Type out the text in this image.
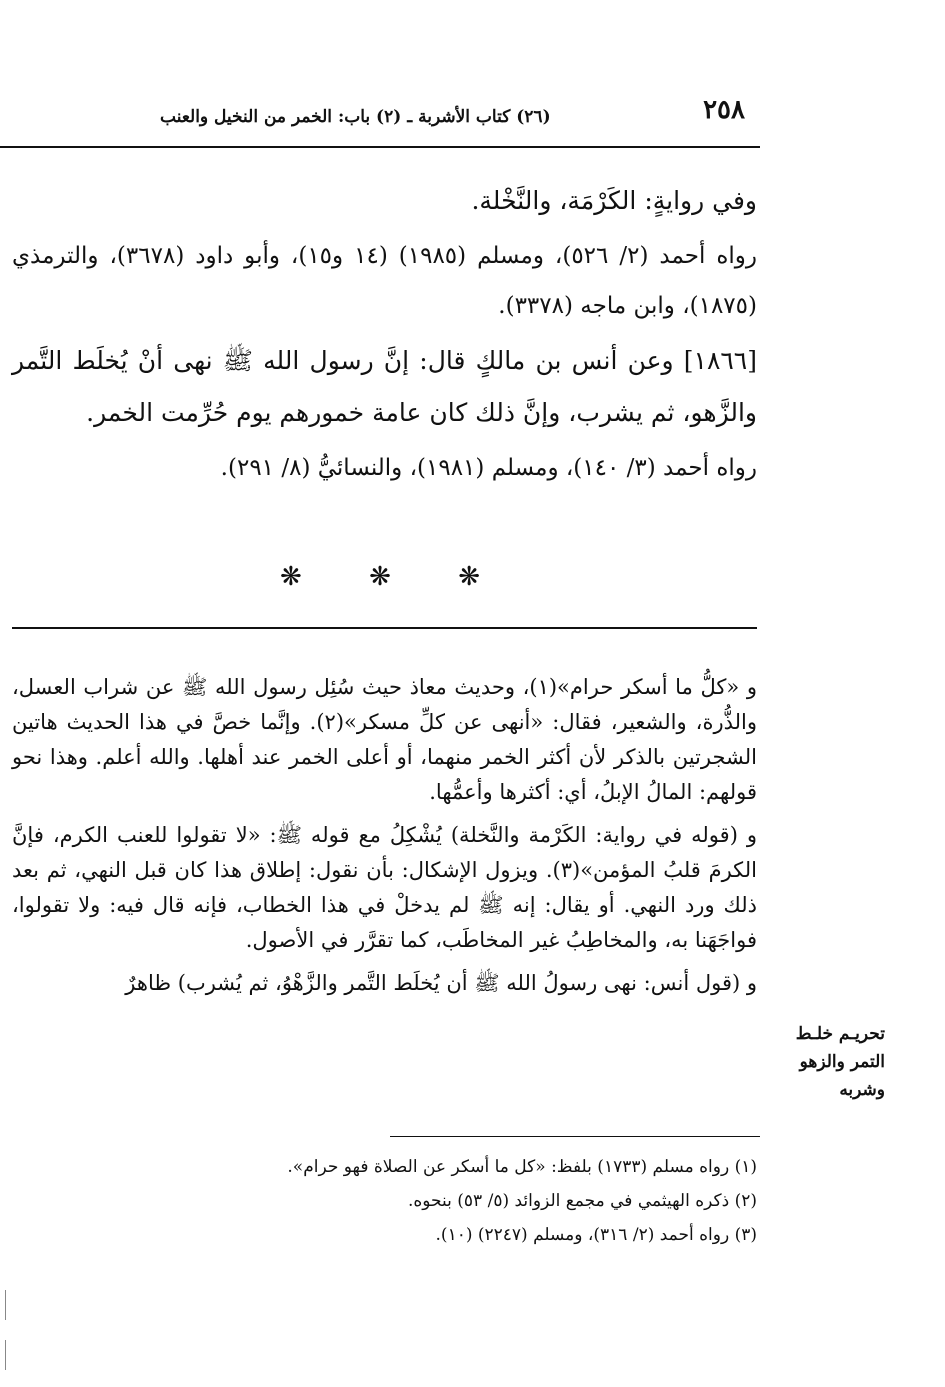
٢٥٨
(٢٦) كتاب الأشربة ـ (٢) باب: الخمر من النخيل والعنب

وفي روايةٍ: الكَرْمَة، والنَّخْلة.

رواه أحمد (٢/ ٥٢٦)، ومسلم (١٩٨٥) (١٤ و١٥)، وأبو داود (٣٦٧٨)، والترمذي (١٨٧٥)، وابن ماجه (٣٣٧٨).

[١٨٦٦] وعن أنس بن مالكٍ قال: إنَّ رسول الله ﷺ نهى أنْ يُخلَط التَّمر والزَّهو، ثم يشرب، وإنَّ ذلك كان عامة خمورهم يوم حُرِّمت الخمر.

رواه أحمد (٣/ ١٤٠)، ومسلم (١٩٨١)، والنسائيُّ (٨/ ٢٩١).

❋	❋	❋

و «كلُّ ما أسكر حرام»(١)، وحديث معاذ حيث سُئِل رسول الله ﷺ عن شراب العسل، والذُّرة، والشعير، فقال: «أنهى عن كلِّ مسكر»(٢). وإنَّما خصَّ في هذا الحديث هاتين الشجرتين بالذكر لأن أكثر الخمر منهما، أو أعلى الخمر عند أهلها. والله أعلم. وهذا نحو قولهم: المالُ الإبلُ، أي: أكثرها وأعمُّها.

و (قوله في رواية: الكَرْمة والنَّخلة) يُشْكِلُ مع قوله ﷺ: «لا تقولوا للعنب الكرم، فإنَّ الكرمَ قلبُ المؤمن»(٣). ويزول الإشكال: بأن نقول: إطلاق هذا كان قبل النهي، ثم بعد ذلك ورد النهي. أو يقال: إنه ﷺ لم يدخلْ في هذا الخطاب، فإنه قال فيه: ولا تقولوا، فواجَهَنا به، والمخاطِبُ غير المخاطَب، كما تقرَّر في الأصول.

و (قول أنس: نهى رسولُ الله ﷺ أن يُخلَط التَّمر والزَّهْوُ، ثم يُشرب) ظاهرٌ

تحريـم خلـط
التمر والزهو
وشربه
(١) رواه مسلم (١٧٣٣) بلفظ: «كل ما أسكر عن الصلاة فهو حرام».
(٢) ذكره الهيثمي في مجمع الزوائد (٥/ ٥٣) بنحوه.
(٣) رواه أحمد (٢/ ٣١٦)، ومسلم (٢٢٤٧) (١٠).
